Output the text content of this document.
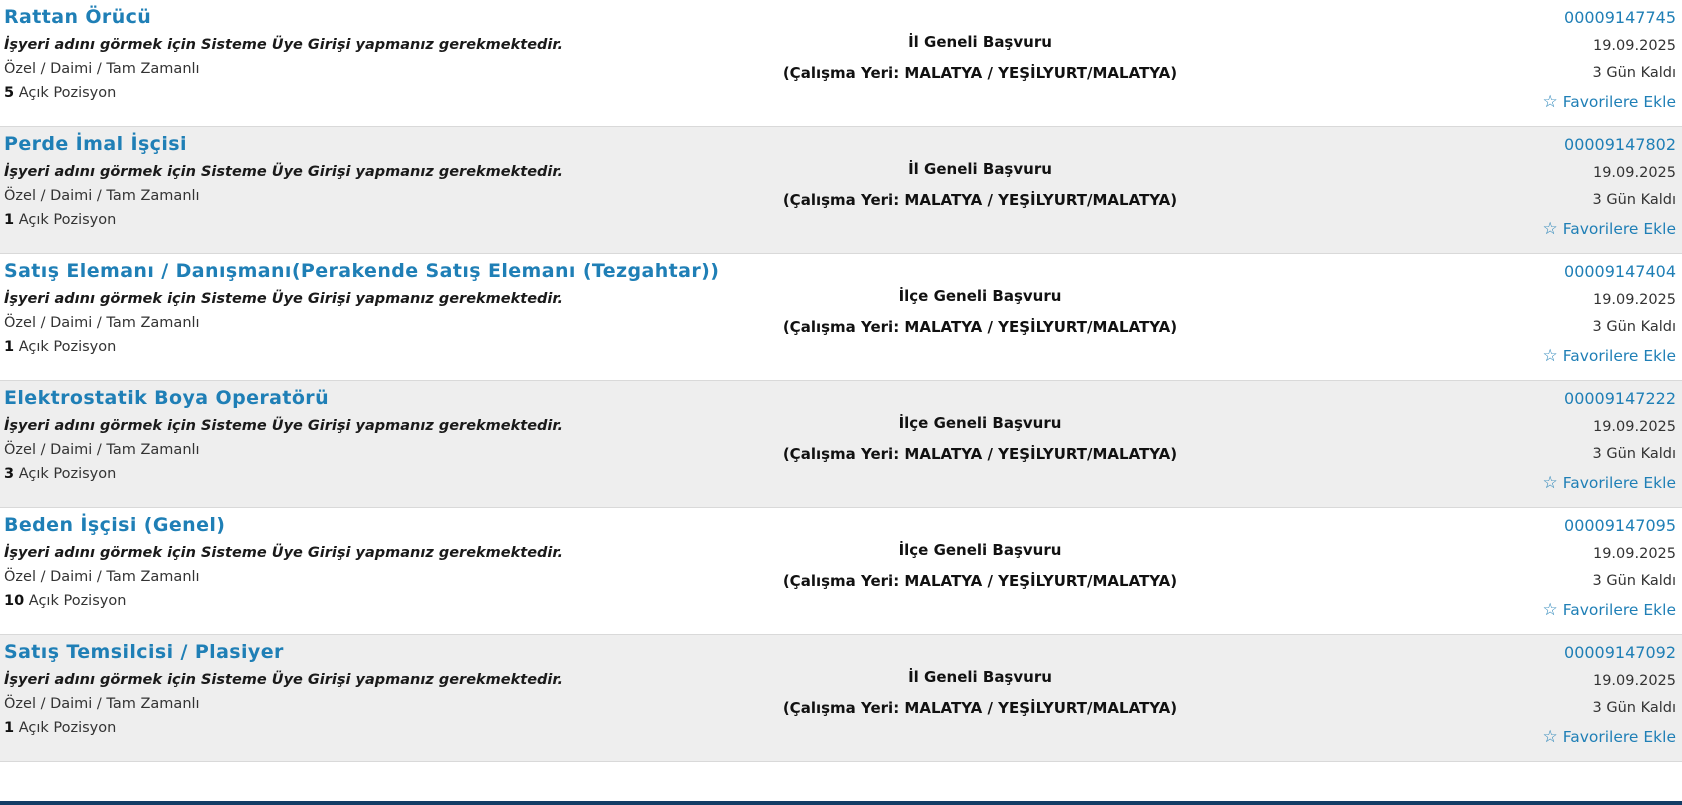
Rattan Örücü
İşyeri adını görmek için Sisteme Üye Girişi yapmanız gerekmektedir.
Özel / Daimi / Tam Zamanlı
5 Açık Pozisyon
İl Geneli Başvuru
(Çalışma Yeri: MALATYA / YEŞİLYURT/MALATYA)
00009147745
19.09.2025
3 Gün Kaldı
☆ Favorilere Ekle
Perde İmal İşçisi
İşyeri adını görmek için Sisteme Üye Girişi yapmanız gerekmektedir.
Özel / Daimi / Tam Zamanlı
1 Açık Pozisyon
İl Geneli Başvuru
(Çalışma Yeri: MALATYA / YEŞİLYURT/MALATYA)
00009147802
19.09.2025
3 Gün Kaldı
☆ Favorilere Ekle
Satış Elemanı / Danışmanı(Perakende Satış Elemanı (Tezgahtar))
İşyeri adını görmek için Sisteme Üye Girişi yapmanız gerekmektedir.
Özel / Daimi / Tam Zamanlı
1 Açık Pozisyon
İlçe Geneli Başvuru
(Çalışma Yeri: MALATYA / YEŞİLYURT/MALATYA)
00009147404
19.09.2025
3 Gün Kaldı
☆ Favorilere Ekle
Elektrostatik Boya Operatörü
İşyeri adını görmek için Sisteme Üye Girişi yapmanız gerekmektedir.
Özel / Daimi / Tam Zamanlı
3 Açık Pozisyon
İlçe Geneli Başvuru
(Çalışma Yeri: MALATYA / YEŞİLYURT/MALATYA)
00009147222
19.09.2025
3 Gün Kaldı
☆ Favorilere Ekle
Beden İşçisi (Genel)
İşyeri adını görmek için Sisteme Üye Girişi yapmanız gerekmektedir.
Özel / Daimi / Tam Zamanlı
10 Açık Pozisyon
İlçe Geneli Başvuru
(Çalışma Yeri: MALATYA / YEŞİLYURT/MALATYA)
00009147095
19.09.2025
3 Gün Kaldı
☆ Favorilere Ekle
Satış Temsilcisi / Plasiyer
İşyeri adını görmek için Sisteme Üye Girişi yapmanız gerekmektedir.
Özel / Daimi / Tam Zamanlı
1 Açık Pozisyon
İl Geneli Başvuru
(Çalışma Yeri: MALATYA / YEŞİLYURT/MALATYA)
00009147092
19.09.2025
3 Gün Kaldı
☆ Favorilere Ekle
